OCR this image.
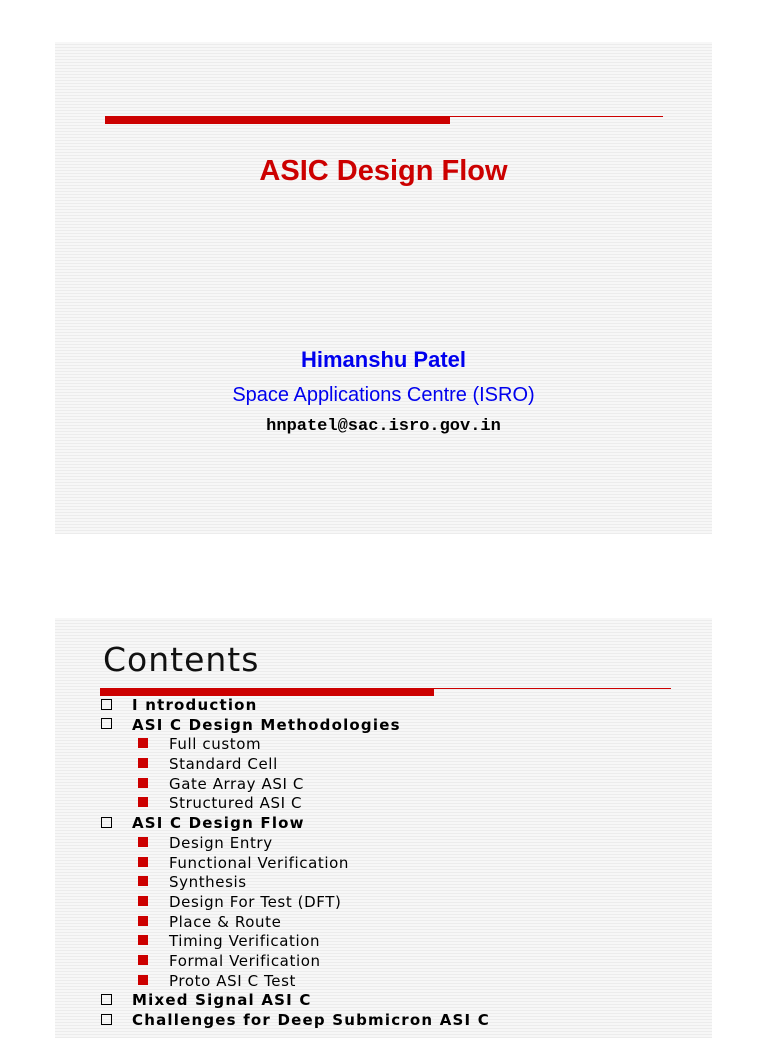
ASIC Design Flow
Himanshu Patel
Space Applications Centre (ISRO)
hnpatel@sac.isro.gov.in
Contents
I ntroduction
ASI C Design Methodologies
Full custom
Standard Cell
Gate Array ASI C
Structured ASI C
ASI C Design Flow
Design Entry
Functional Verification
Synthesis
Design For Test (DFT)
Place & Route
Timing Verification
Formal Verification
Proto ASI C Test
Mixed Signal ASI C
Challenges for Deep Submicron ASI C
